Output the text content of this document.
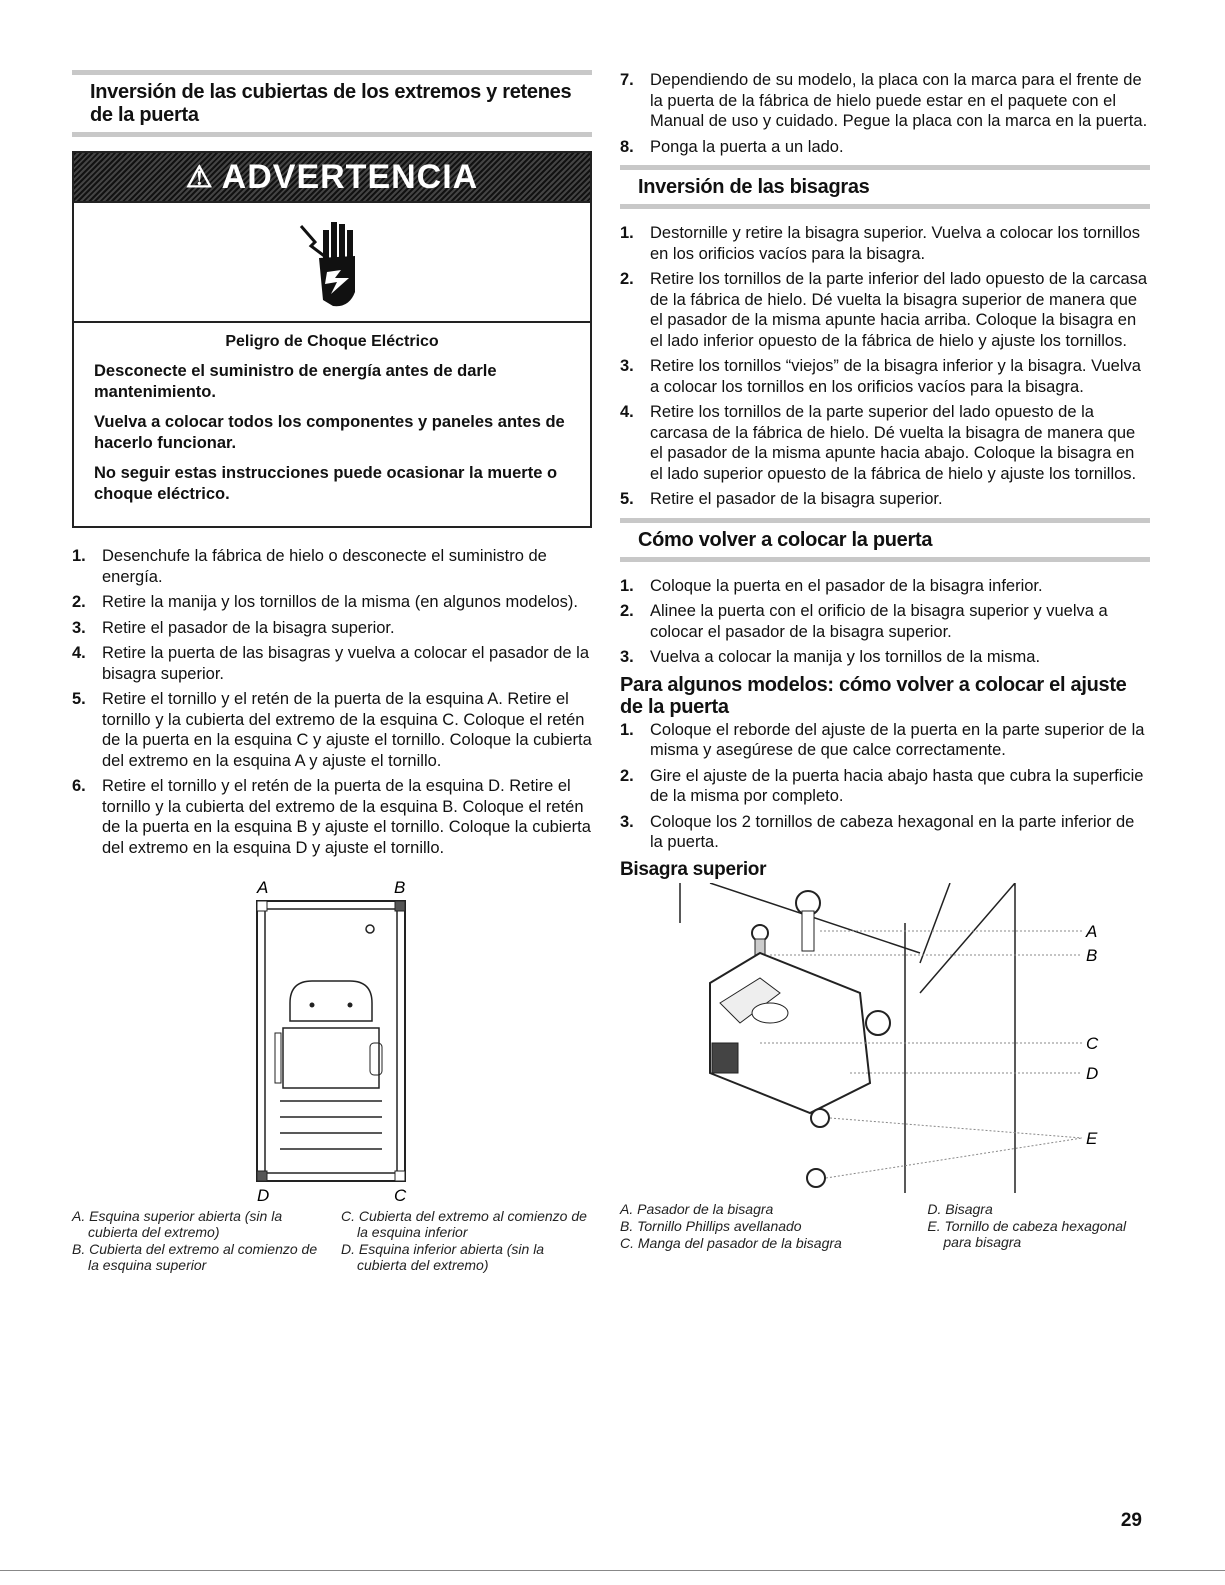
Inversión de las cubiertas de los extremos y retenes de la puerta
⚠ ADVERTENCIA
Peligro de Choque Eléctrico

Desconecte el suministro de energía antes de darle mantenimiento.

Vuelva a colocar todos los componentes y paneles antes de hacerlo funcionar.

No seguir estas instrucciones puede ocasionar la muerte o choque eléctrico.

1. Desenchufe la fábrica de hielo o desconecte el suministro de energía.
2. Retire la manija y los tornillos de la misma (en algunos modelos).
3. Retire el pasador de la bisagra superior.
4. Retire la puerta de las bisagras y vuelva a colocar el pasador de la bisagra superior.
5. Retire el tornillo y el retén de la puerta de la esquina A. Retire el tornillo y la cubierta del extremo de la esquina C. Coloque el retén de la puerta en la esquina C y ajuste el tornillo. Coloque la cubierta del extremo en la esquina A y ajuste el tornillo.
6. Retire el tornillo y el retén de la puerta de la esquina D. Retire el tornillo y la cubierta del extremo de la esquina B. Coloque el retén de la puerta en la esquina B y ajuste el tornillo. Coloque la cubierta del extremo en la esquina D y ajuste el tornillo.
A	B
D	C
A. Esquina superior abierta (sin la cubierta del extremo)
B. Cubierta del extremo al comienzo de la esquina superior
C. Cubierta del extremo al comienzo de la esquina inferior
D. Esquina inferior abierta (sin la cubierta del extremo)
7. Dependiendo de su modelo, la placa con la marca para el frente de la puerta de la fábrica de hielo puede estar en el paquete con el Manual de uso y cuidado. Pegue la placa con la marca en la puerta.
8. Ponga la puerta a un lado.
Inversión de las bisagras
1. Destornille y retire la bisagra superior. Vuelva a colocar los tornillos en los orificios vacíos para la bisagra.
2. Retire los tornillos de la parte inferior del lado opuesto de la carcasa de la fábrica de hielo. Dé vuelta la bisagra superior de manera que el pasador de la misma apunte hacia arriba. Coloque la bisagra en el lado inferior opuesto de la fábrica de hielo y ajuste los tornillos.
3. Retire los tornillos “viejos” de la bisagra inferior y la bisagra. Vuelva a colocar los tornillos en los orificios vacíos para la bisagra.
4. Retire los tornillos de la parte superior del lado opuesto de la carcasa de la fábrica de hielo. Dé vuelta la bisagra de manera que el pasador de la misma apunte hacia abajo. Coloque la bisagra en el lado superior opuesto de la fábrica de hielo y ajuste los tornillos.
5. Retire el pasador de la bisagra superior.
Cómo volver a colocar la puerta
1. Coloque la puerta en el pasador de la bisagra inferior.
2. Alinee la puerta con el orificio de la bisagra superior y vuelva a colocar el pasador de la bisagra superior.
3. Vuelva a colocar la manija y los tornillos de la misma.
Para algunos modelos: cómo volver a colocar el ajuste de la puerta
1. Coloque el reborde del ajuste de la puerta en la parte superior de la misma y asegúrese de que calce correctamente.
2. Gire el ajuste de la puerta hacia abajo hasta que cubra la superficie de la misma por completo.
3. Coloque los 2 tornillos de cabeza hexagonal en la parte inferior de la puerta.
Bisagra superior
A
B
C
D
E
A. Pasador de la bisagra
B. Tornillo Phillips avellanado
C. Manga del pasador de la bisagra
D. Bisagra
E. Tornillo de cabeza hexagonal para bisagra
29
